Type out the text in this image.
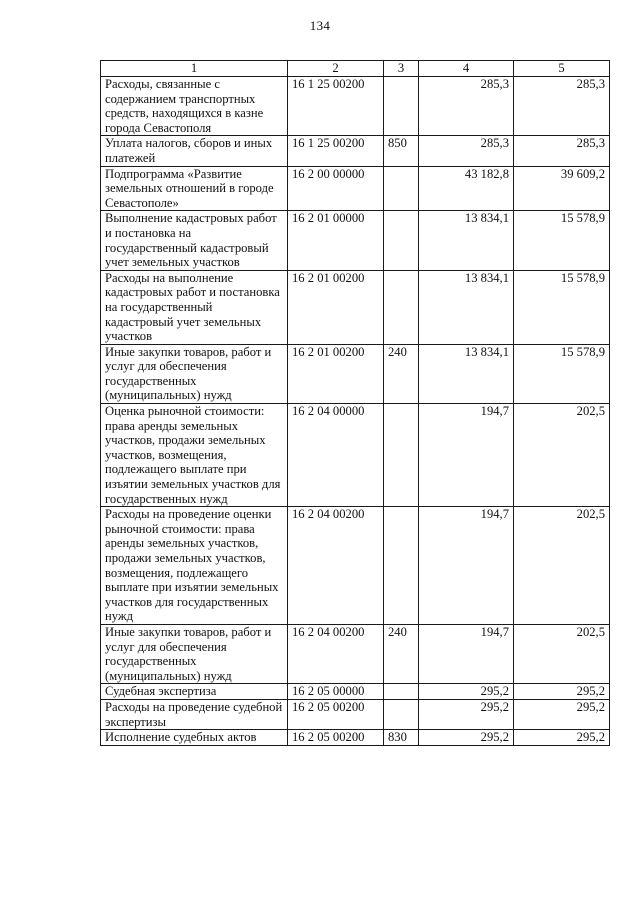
134
1	2	3	4	5
Расходы, связанные с содержанием транспортных средств, находящихся в казне города Севастополя	16 1 25 00200		285,3	285,3
Уплата налогов, сборов и иных платежей	16 1 25 00200	850	285,3	285,3
Подпрограмма «Развитие земельных отношений в городе Севастополе»	16 2 00 00000		43 182,8	39 609,2
Выполнение кадастровых работ и постановка на государственный кадастровый учет земельных участков	16 2 01 00000		13 834,1	15 578,9
Расходы на выполнение кадастровых работ и постановка на государственный кадастровый учет земельных участков	16 2 01 00200		13 834,1	15 578,9
Иные закупки товаров, работ и услуг для обеспечения государственных (муниципальных) нужд	16 2 01 00200	240	13 834,1	15 578,9
Оценка рыночной стоимости: права аренды земельных участков, продажи земельных участков, возмещения, подлежащего выплате при изъятии земельных участков для государственных нужд	16 2 04 00000		194,7	202,5
Расходы на проведение оценки рыночной стоимости: права аренды земельных участков, продажи земельных участков, возмещения, подлежащего выплате при изъятии земельных участков для государственных нужд	16 2 04 00200		194,7	202,5
Иные закупки товаров, работ и услуг для обеспечения государственных (муниципальных) нужд	16 2 04 00200	240	194,7	202,5
Судебная экспертиза	16 2 05 00000		295,2	295,2
Расходы на проведение судебной экспертизы	16 2 05 00200		295,2	295,2
Исполнение судебных актов	16 2 05 00200	830	295,2	295,2
